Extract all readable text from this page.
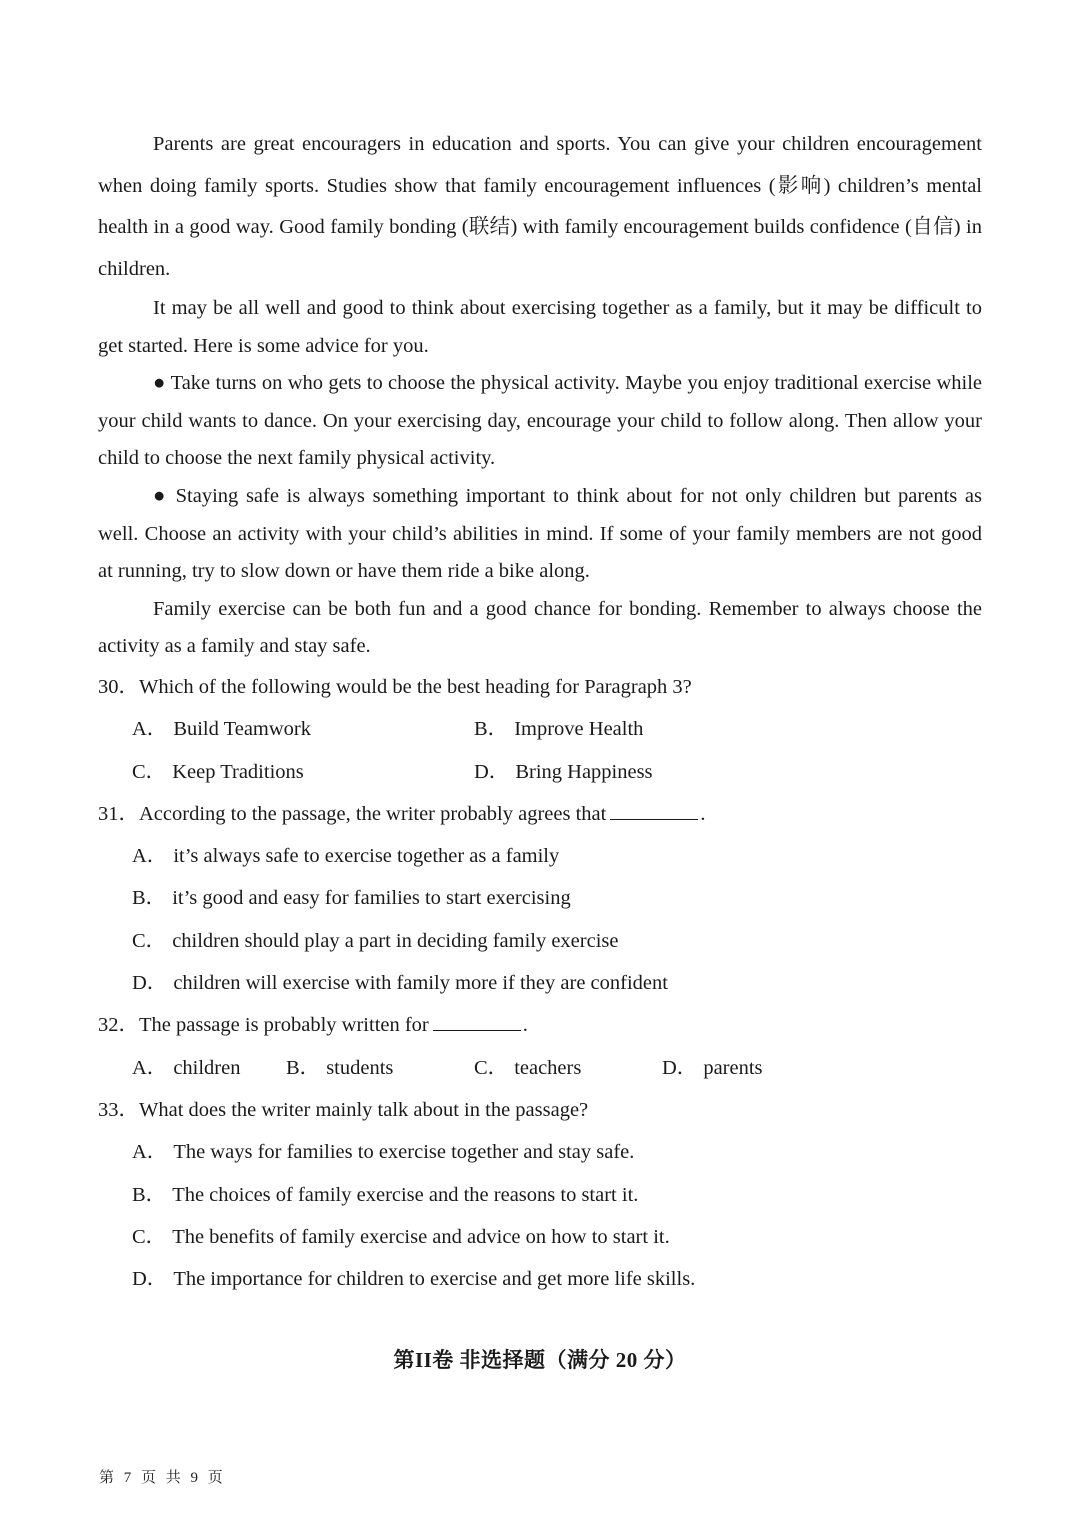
Parents are great encouragers in education and sports. You can give your children encouragement when doing family sports. Studies show that family encouragement influences (影响) children’s mental health in a good way. Good family bonding (联结) with family encouragement builds confidence (自信) in children.

It may be all well and good to think about exercising together as a family, but it may be difficult to get started. Here is some advice for you.

● Take turns on who gets to choose the physical activity. Maybe you enjoy traditional exercise while your child wants to dance. On your exercising day, encourage your child to follow along. Then allow your child to choose the next family physical activity.

● Staying safe is always something important to think about for not only children but parents as well. Choose an activity with your child’s abilities in mind. If some of your family members are not good at running, try to slow down or have them ride a bike along.

Family exercise can be both fun and a good chance for bonding. Remember to always choose the activity as a family and stay safe.

30．Which of the following would be the best heading for Paragraph 3?

A． Build Teamwork	B． Improve Health
C． Keep Traditions	D． Bring Happiness

31．According to the passage, the writer probably agrees that	.

A． it’s always safe to exercise together as a family
B． it’s good and easy for families to start exercising
C． children should play a part in deciding family exercise
D． children will exercise with family more if they are confident

32．The passage is probably written for	.

A． children	B． students	C． teachers	D． parents

33．What does the writer mainly talk about in the passage?

A． The ways for families to exercise together and stay safe.
B． The choices of family exercise and the reasons to start it.
C． The benefits of family exercise and advice on how to start it.
D． The importance for children to exercise and get more life skills.
第II卷 非选择题（满分 20 分）
第 7 页 共 9 页
